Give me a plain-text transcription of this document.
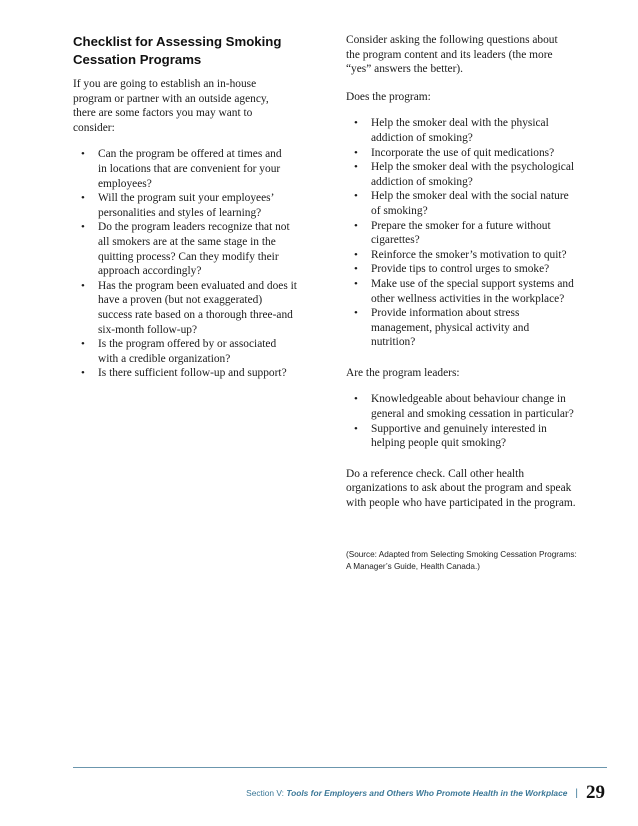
Checklist for Assessing Smoking
Cessation Programs

If you are going to establish an in-house
program or partner with an outside agency,
there are some factors you may want to
consider:

• Can the program be offered at times and
in locations that are convenient for your
employees?
• Will the program suit your employees’
personalities and styles of learning?
• Do the program leaders recognize that not
all smokers are at the same stage in the
quitting process? Can they modify their
approach accordingly?
• Has the program been evaluated and does it
have a proven (but not exaggerated)
success rate based on a thorough three-and
six-month follow-up?
• Is the program offered by or associated
with a credible organization?
• Is there sufficient follow-up and support?

Consider asking the following questions about
the program content and its leaders (the more
“yes” answers the better).

Does the program:

• Help the smoker deal with the physical
addiction of smoking?
• Incorporate the use of quit medications?
• Help the smoker deal with the psychological
addiction of smoking?
• Help the smoker deal with the social nature
of smoking?
• Prepare the smoker for a future without
cigarettes?
• Reinforce the smoker’s motivation to quit?
• Provide tips to control urges to smoke?
• Make use of the special support systems and
other wellness activities in the workplace?
• Provide information about stress
management, physical activity and
nutrition?

Are the program leaders:

• Knowledgeable about behaviour change in
general and smoking cessation in particular?
• Supportive and genuinely interested in
helping people quit smoking?

Do a reference check. Call other health
organizations to ask about the program and speak
with people who have participated in the program.

(Source: Adapted from Selecting Smoking Cessation Programs:
A Manager’s Guide, Health Canada.)
Section V: Tools for Employers and Others Who Promote Health in the Workplace | 29
